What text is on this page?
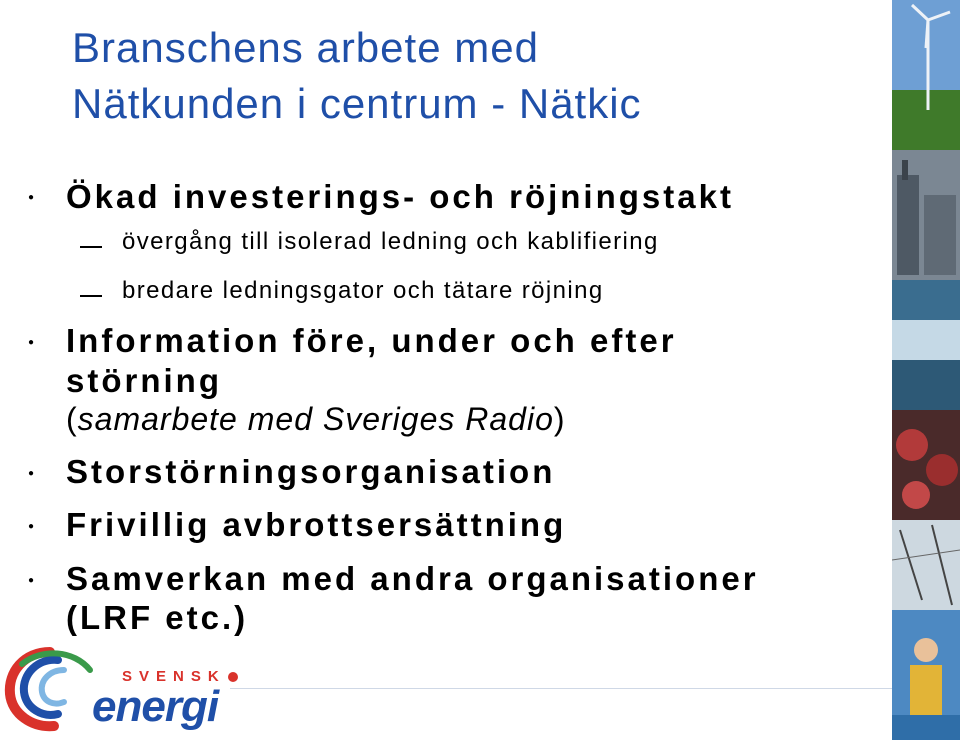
Branschens arbete med
Nätkunden i centrum - Nätkic
● Ökad investerings- och röjningstakt
övergång till isolerad ledning och kablifiering
bredare ledningsgator och tätare röjning
● Information före, under och efter
störning
(samarbete med Sveriges Radio)
● Storstörningsorganisation
● Frivillig avbrottsersättning
● Samverkan med andra organisationer
(LRF etc.)
SVENSK
energi
